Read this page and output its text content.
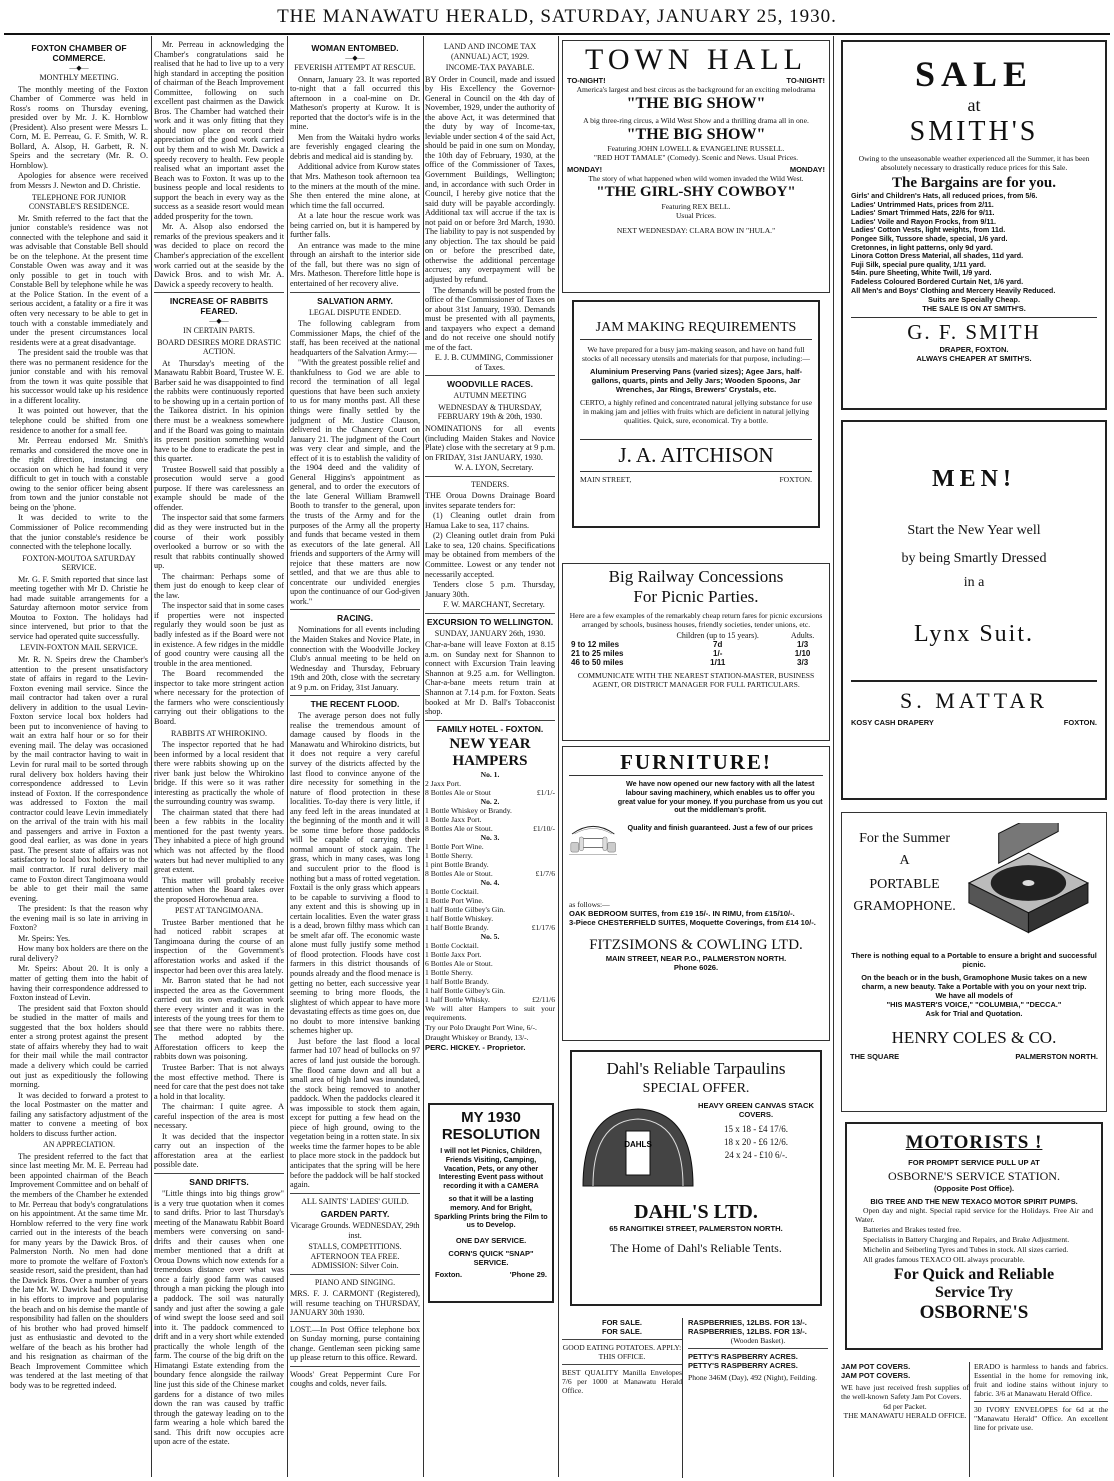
THE MANAWATU HERALD, SATURDAY, JANUARY 25, 1930.
FOXTON CHAMBER OF COMMERCE.
—◆—
MONTHLY MEETING.

The monthly meeting of the Foxton Chamber of Commerce was held in Ross's rooms on Thursday evening, presided over by Mr. J. K. Hornblow (President). Also present were Messrs L. Corn, M. E. Perreau, G. F. Smith, W. R. Bollard, A. Alsop, H. Garbett, R. N. Speirs and the secretary (Mr. R. O. Hornblow).

Apologies for absence were received from Messrs J. Newton and D. Christie.

TELEPHONE FOR JUNIOR CONSTABLE'S RESIDENCE.

Mr. Smith referred to the fact that the junior constable's residence was not connected with the telephone and said it was advisable that Constable Bell should be on the telephone. At the present time Constable Owen was away and it was only possible to get in touch with Constable Bell by telephone while he was at the Police Station. In the event of a serious accident, a fatality or a fire it was often very necessary to be able to get in touch with a constable immediately and under the present circumstances local residents were at a great disadvantage.

The president said the trouble was that there was no permanent residence for the junior constable and with his removal from the town it was quite possible that his successor would take up his residence in a different locality.

It was pointed out however, that the telephone could be shifted from one residence to another for a small fee.

Mr. Perreau endorsed Mr. Smith's remarks and considered the move one in the right direction, instancing one occasion on which he had found it very difficult to get in touch with a constable owing to the senior officer being absent from town and the junior constable not being on the 'phone.

It was decided to write to the Commissioner of Police recommending that the junior constable's residence be connected with the telephone locally.

FOXTON-MOUTOA SATURDAY SERVICE.

Mr. G. F. Smith reported that since last meeting together with Mr D. Christie he had made suitable arrangements for a Saturday afternoon motor service from Moutoa to Foxton. The holidays had since intervened, but prior to that the service had operated quite successfully.

LEVIN-FOXTON MAIL SERVICE.

Mr. R. N. Speirs drew the Chamber's attention to the present unsatisfactory state of affairs in regard to the Levin-Foxton evening mail service. Since the mail contractor had taken over a rural delivery in addition to the usual Levin-Foxton service local box holders had been put to inconvenience of having to wait an extra half hour or so for their evening mail. The delay was occasioned by the mail contractor having to wait in Levin for rural mail to be sorted through rural delivery box holders having their correspondence addressed to Levin instead of Foxton. If the correspondence was addressed to Foxton the mail contractor could leave Levin immediately on the arrival of the train with his mail and passengers and arrive in Foxton a good deal earlier, as was done in years past. The present state of affairs was not satisfactory to local box holders or to the mail contractor. If rural delivery mail came to Foxton direct Tangimoana would be able to get their mail the same evening.

The president: Is that the reason why the evening mail is so late in arriving in Foxton?

Mr. Speirs: Yes.

How many box holders are there on the rural delivery?

Mr. Speirs: About 20. It is only a matter of getting them into the habit of having their correspondence addressed to Foxton instead of Levin.

The president said that Foxton should be studied in the matter of mails and suggested that the box holders should enter a strong protest against the present state of affairs whereby they had to wait for their mail while the mail contractor made a delivery which could be carried out just as expeditiously the following morning.

It was decided to forward a protest to the local Postmaster on the matter and failing any satisfactory adjustment of the matter to convene a meeting of box holders to discuss further action.

AN APPRECIATION.

The president referred to the fact that since last meeting Mr. M. E. Perreau had been appointed chairman of the Beach Improvement Committee and on behalf of the members of the Chamber he extended to Mr. Perreau that body's congratulations on his appointment. At the same time Mr. Hornblow referred to the very fine work carried out in the interests of the beach for many years by the Dawick Bros. of Palmerston North. No men had done more to promote the welfare of Foxton's seaside resort, said the president, than had the Dawick Bros. Over a number of years the late Mr. W. Dawick had been untiring in his efforts to improve and popularise the beach and on his demise the mantle of responsibility had fallen on the shoulders of his brother who had proved himself just as enthusiastic and devoted to the welfare of the beach as his brother had and his resignation as chairman of the Beach Improvement Committee which was tendered at the last meeting of that body was to be regretted indeed.

Mr. Perreau in acknowledging the Chamber's congratulations said he realised that he had to live up to a very high standard in accepting the position of chairman of the Beach Improvement Committee, following on such excellent past chairmen as the Dawick Bros. The Chamber had watched their work and it was only fitting that they should now place on record their appreciation of the good work carried out by them and to wish Mr. Dawick a speedy recovery to health. Few people realised what an important asset the Beach was to Foxton. It was up to the business people and local residents to support the beach in every way as the success as a seaside resort would mean added prosperity for the town.

Mr. A. Alsop also endorsed the remarks of the previous speakers and it was decided to place on record the Chamber's appreciation of the excellent work carried out at the seaside by the Dawick Bros. and to wish Mr. A. Dawick a speedy recovery to health.

INCREASE OF RABBITS FEARED.
—◆—
IN CERTAIN PARTS.
BOARD DESIRES MORE DRASTIC ACTION.

At Thursday's meeting of the Manawatu Rabbit Board, Trustee W. E. Barber said he was disappointed to find the rabbits were continuously reported to be showing up in a certain portion of the Taikorea district. In his opinion there must be a weakness somewhere and if the Board was going to maintain its present position something would have to be done to eradicate the pest in this quarter.

Trustee Boswell said that possibly a prosecution would serve a good purpose. If there was carelessness an example should be made of the offender.

The inspector said that some farmers did as they were instructed but in the course of their work possibly overlooked a burrow or so with the result that rabbits continually showed up.

The chairman: Perhaps some of them just do enough to keep clear of the law.

The inspector said that in some cases if properties were not inspected regularly they would soon be just as badly infested as if the Board were not in existence. A few ridges in the middle of good country were causing all the trouble in the area mentioned.

The Board recommended the inspector to take more stringent action where necessary for the protection of the farmers who were conscientiously carrying out their obligations to the Board.

RABBITS AT WHIROKINO.

The inspector reported that he had been informed by a local resident that there were rabbits showing up on the river bank just below the Whirokino bridge. If this were so it was rather interesting as practically the whole of the surrounding country was swamp.

The chairman stated that there had been a few rabbits in the locality mentioned for the past twenty years. They inhabited a piece of high ground which was not affected by the flood waters but had never multiplied to any great extent.

This matter will probably receive attention when the Board takes over the proposed Horowhenua area.

PEST AT TANGIMOANA.

Trustee Barber mentioned that he had noticed rabbit scrapes at Tangimoana during the course of an inspection of the Government's afforestation works and asked if the inspector had been over this area lately.

Mr. Barron stated that he had not inspected the area as the Government carried out its own eradication work there every winter and it was in the interests of the young trees for them to see that there were no rabbits there. The method adopted by the Afforestation officers to keep the rabbits down was poisoning.

Trustee Barber: That is not always the most effective method. There is need for care that the pest does not take a hold in that locality.

The chairman: I quite agree. A careful inspection of the area is most necessary.

It was decided that the inspector carry out an inspection of the afforestation area at the earliest possible date.

SAND DRIFTS.

"Little things into big things grow" is a very true quotation when it comes to sand drifts. Prior to last Thursday's meeting of the Manawatu Rabbit Board members were conversing on sand-drifts and their causes when one member mentioned that a drift at Oroua Downs which now extends for a tremendous distance over what was once a fairly good farm was caused through a man picking the plough into a paddock. The soil was naturally sandy and just after the sowing a gale of wind swept the loose seed and soil into it. The paddock commenced to drift and in a very short while extended practically the whole length of the farm. The course of the big drift on the Himatangi Estate extending from the boundary fence alongside the railway line just this side of the Chinese market gardens for a distance of two miles down the ran was caused by traffic through the gateway leading on to the farm wearing a hole which bared the sand. This drift now occupies acre upon acre of the estate.

WOMAN ENTOMBED.
—◆—
FEVERISH ATTEMPT AT RESCUE.

Onnarn, January 23. It was reported to-night that a fall occurred this afternoon in a coal-mine on Dr. Matheson's property at Kurow. It is reported that the doctor's wife is in the mine.

Men from the Waitaki hydro works are feverishly engaged clearing the debris and medical aid is standing by.

Additional advice from Kurow states that Mrs. Matheson took afternoon tea to the miners at the mouth of the mine. She then entered the mine alone, at which time the fall occurred.

At a late hour the rescue work was being carried on, but it is hampered by further falls.

An entrance was made to the mine through an airshaft to the interior side of the fall, but there was no sign of Mrs. Matheson. Therefore little hope is entertained of her recovery alive.

SALVATION ARMY.
LEGAL DISPUTE ENDED.

The following cablegram from Commissioner Maps, the chief of the staff, has been received at the national headquarters of the Salvation Army:—

"With the greatest possible relief and thankfulness to God we are able to record the termination of all legal questions that have been such anxiety to us for many months past. All these things were finally settled by the judgment of Mr. Justice Clauson, delivered in the Chancery Court on January 21. The judgment of the Court was very clear and simple, and the effect of it is to establish the validity of the 1904 deed and the validity of General Higgins's appointment as general, and to order the executors of the late General William Bramwell Booth to transfer to the general, upon the trusts of the Army and for the purposes of the Army all the property and funds that became vested in them as executors of the late general. All friends and supporters of the Army will rejoice that these matters are now settled, and that we are thus able to concentrate our undivided energies upon the continuance of our God-given work."

RACING.

Nominations for all events including the Maiden Stakes and Novice Plate, in connection with the Woodville Jockey Club's annual meeting to be held on Wednesday and Thursday, February 19th and 20th, close with the secretary at 9 p.m. on Friday, 31st January.

THE RECENT FLOOD.

The average person does not fully realise the tremendous amount of damage caused by floods in the Manawatu and Whirokino districts, but it does not require a very careful survey of the districts affected by the last flood to convince anyone of the dire necessity for something in the nature of flood protection in these localities. To-day there is very little, if any feed left in the areas inundated at the beginning of the month and it will be some time before those paddocks will be capable of carrying their normal amount of stock again. The grass, which in many cases, was long and succulent prior to the flood is nothing but a mass of rotted vegetation. Foxtail is the only grass which appears to be capable to surviving a flood to any extent and this is showing up in certain localities. Even the water grass is a dead, brown filthy mass which can be smelt afar off. The economic waste alone must fully justify some method of flood protection. Floods have cost farmers in this district thousands of pounds already and the flood menace is getting no better, each successive year seeming to bring more floods, the slightest of which appear to have more devastating effects as time goes on, due no doubt to more intensive banking schemes higher up.

Just before the last flood a local farmer had 107 head of bullocks on 97 acres of land just outside the borough. The flood came down and all but a small area of high land was inundated, the stock being removed to another paddock. When the paddocks cleared it was impossible to stock them again, except for putting a few head on the piece of high ground, owing to the vegetation being in a rotten state. In six weeks time the farmer hopes to be able to place more stock in the paddock but anticipates that the spring will be here before the paddock will be half stocked again.

ALL SAINTS' LADIES' GUILD.
GARDEN PARTY.
Vicarage Grounds. WEDNESDAY, 29th inst.
STALLS, COMPETITIONS. AFTERNOON TEA FREE. ADMISSION: Silver Coin.
PIANO AND SINGING.

MRS. F. J. CARMONT (Registered), will resume teaching on THURSDAY, JANUARY 30th 1930.

LOST.—In Post Office telephone box on Sunday morning, purse containing change. Gentleman seen picking same up please return to this office. Reward.

Woods' Great Peppermint Cure For coughs and colds, never fails.

LAND AND INCOME TAX (ANNUAL) ACT, 1929.
INCOME-TAX PAYABLE.

BY Order in Council, made and issued by His Excellency the Governor-General in Council on the 4th day of November, 1929, under the authority of the above Act, it was determined that the duty by way of Income-tax, leviable under section 4 of the said Act, should be paid in one sum on Monday, the 10th day of February, 1930, at the office of the Commissioner of Taxes, Government Buildings, Wellington; and, in accordance with such Order in Council, I hereby give notice that the said duty will be payable accordingly. Additional tax will accrue if the tax is not paid on or before 3rd March, 1930. The liability to pay is not suspended by any objection. The tax should be paid on or before the prescribed date, otherwise the additional percentage accrues; any overpayment will be adjusted by refund.

The demands will be posted from the office of the Commissioner of Taxes on or about 31st January, 1930. Demands must be presented with all payments, and taxpayers who expect a demand and do not receive one should notify me of the fact.

E. J. B. CUMMING, Commissioner of Taxes.

WOODVILLE RACES.
AUTUMN MEETING
WEDNESDAY & THURSDAY, FEBRUARY 19th & 20th, 1930.

NOMINATIONS for all events (including Maiden Stakes and Novice Plate) close with the secretary at 9 p.m. on FRIDAY, 31st JANUARY, 1930.

W. A. LYON, Secretary.

TENDERS.

THE Oroua Downs Drainage Board invites separate tenders for:

(1) Cleaning outlet drain from Hamua Lake to sea, 117 chains.

(2) Cleaning outlet drain from Puki Lake to sea, 120 chains. Specifications may be obtained from members of the Committee. Lowest or any tender not necessarily accepted.

Tenders close 5 p.m. Thursday, January 30th.

F. W. MARCHANT, Secretary.

EXCURSION TO WELLINGTON.
SUNDAY, JANUARY 26th, 1930.

Char-a-bane will leave Foxton at 8.15 a.m. on Sunday next for Shannon to connect with Excursion Train leaving Shannon at 9.25 a.m. for Wellington. Char-a-bane meets return train at Shannon at 7.14 p.m. for Foxton. Seats booked at Mr D. Ball's Tobacconist shop.

FAMILY HOTEL - FOXTON.
NEW YEAR HAMPERS
No. 1.
2 Jaxx Port.
8 Bottles Ale or Stout	£1/1/-
No. 2.
1 Bottle Whiskey or Brandy.
1 Bottle Jaxx Port.
8 Bottles Ale or Stout.	£1/10/-
No. 3.
1 Bottle Port Wine.
1 Bottle Sherry.
1 pint Bottle Brandy.
8 Bottles Ale or Stout.	£1/7/6
No. 4.
1 Bottle Cocktail.
1 Bottle Port Wine.
1 half Bottle Gilbey's Gin.
1 half Bottle Whiskey.
1 half Bottle Brandy.	£1/17/6
No. 5.
1 Bottle Cocktail.
1 Bottle Jaxx Port.
6 Bottles Ale or Stout.
1 Bottle Sherry.
1 half Bottle Brandy.
1 half Bottle Gilbey's Gin.
1 half Bottle Whisky.	£2/11/6

We will alter Hampers to suit your requirements.

Try our Polo Draught Port Wine, 6/-.

Draught Whiskey or Brandy, 13/-.

PERC. HICKEY. - Proprietor.

MY 1930
RESOLUTION
I will not let Picnics, Children, Friends Visiting, Camping, Vacation, Pets, or any other Interesting Event pass without recording it with a CAMERA
so that it will be a lasting memory. And for Bright, Sparkling Prints bring the Film to us to Develop.
ONE DAY SERVICE.
CORN'S QUICK "SNAP" SERVICE.
Foxton.	'Phone 29.
TOWN HALL
TO-NIGHT!	TO-NIGHT!
America's largest and best circus as the background for an exciting melodrama
"THE BIG SHOW"
A big three-ring circus, a Wild West Show and a thrilling drama all in one.
"THE BIG SHOW"
Featuring JOHN LOWELL & EVANGELINE RUSSELL.
"RED HOT TAMALE" (Comedy). Scenic and News. Usual Prices.
MONDAY!	MONDAY!
The story of what happened when wild women invaded the Wild West.
"THE GIRL-SHY COWBOY"
Featuring REX BELL.
Usual Prices.
NEXT WEDNESDAY: CLARA BOW IN "HULA."
JAM MAKING REQUIREMENTS
We have prepared for a busy jam-making season, and have on hand full stocks of all necessary utensils and materials for that purpose, including:—
Aluminium Preserving Pans (varied sizes); Agee Jars, half-gallons, quarts, pints and Jelly Jars; Wooden Spoons, Jar Wrenches, Jar Rings, Brewers' Crystals, etc.
CERTO, a highly refined and concentrated natural jellying substance for use in making jam and jellies with fruits which are deficient in natural jellying qualities. Quick, sure, economical. Try a bottle.
J. A. AITCHISON
MAIN STREET,	FOXTON.
Big Railway Concessions
For Picnic Parties.
Here are a few examples of the remarkably cheap return fares for picnic excursions arranged by schools, business houses, friendly societies, tender unions, etc.
	Children (up to 15 years).	Adults.
9 to 12 miles	7d	1/3
21 to 25 miles	1/-	1/10
46 to 50 miles	1/11	3/3
COMMUNICATE WITH THE NEAREST STATION-MASTER, BUSINESS AGENT, OR DISTRICT MANAGER FOR FULL PARTICULARS.
FURNITURE!
We have now opened our new factory with all the latest labour saving machinery, which enables us to offer you great value for your money. If you purchase from us you cut out the middleman's profit.

Quality and finish guaranteed. Just a few of our prices
as follows:—
OAK BEDROOM SUITES, from £19 15/-. IN RIMU, from £15/10/-.
3-Piece CHESTERFIELD SUITES, Moquette Coverings, from £14 10/-.
FITZSIMONS & COWLING LTD.
MAIN STREET, NEAR P.O., PALMERSTON NORTH.
Phone 6026.
Dahl's Reliable Tarpaulins
SPECIAL OFFER.
DAHLS
HEAVY GREEN CANVAS STACK COVERS.
15 x 18 - £4 17/6.
18 x 20 - £6 12/6.
24 x 24 - £10 6/-.
DAHL'S LTD.
65 RANGITIKEI STREET, PALMERSTON NORTH.
The Home of Dahl's Reliable Tents.
FOR SALE.
FOR SALE.
GOOD EATING POTATOES. APPLY: THIS OFFICE.
BEST QUALITY Manilla Envelopes 7/6 per 1000 at Manawatu Herald Office.
RASPBERRIES, 12LBS. FOR 13/-.
RASPBERRIES, 12LBS. FOR 13/-.
(Wooden Basket).
PETTY'S RASPBERRY ACRES.
PETTY'S RASPBERRY ACRES.
Phone 346M (Day), 492 (Night), Feilding.
SALE
at
SMITH'S
Owing to the unseasonable weather experienced all the Summer, it has been absolutely necessary to drastically reduce prices for this Sale.
The Bargains are for you.
Girls' and Children's Hats, all reduced prices, from 5/6.
Ladies' Untrimmed Hats, prices from 2/11.
Ladies' Smart Trimmed Hats, 22/6 for 9/11.
Ladies' Voile and Rayon Frocks, from 9/11.
Ladies' Cotton Vests, light weights, from 11d.
Pongee Silk, Tussore shade, special, 1/6 yard.
Cretonnes, in light patterns, only 9d yard.
Linora Cotton Dress Material, all shades, 11d yard.
Fuji Silk, special pure quality, 1/11 yard.
54in. pure Sheeting, White Twill, 1/9 yard.
Fadeless Coloured Bordered Curtain Net, 1/6 yard.
All Men's and Boys' Clothing and Mercery Heavily Reduced.
Suits are Specially Cheap.
THE SALE IS ON AT SMITH'S.
G. F. SMITH
DRAPER, FOXTON.
ALWAYS CHEAPER AT SMITH'S.
MEN!
Start the New Year well
by being Smartly Dressed
in a
Lynx Suit.
S. MATTAR
KOSY CASH DRAPERY	FOXTON.
For the Summer
A
PORTABLE
GRAMOPHONE.
There is nothing equal to a Portable to ensure a bright and successful picnic.
On the beach or in the bush, Gramophone Music takes on a new charm, a new beauty. Take a Portable with you on your next trip.
We have all models of
"HIS MASTER'S VOICE," "COLUMBIA," "DECCA."
Ask for Trial and Quotation.
HENRY COLES & CO.
THE SQUARE	PALMERSTON NORTH.
MOTORISTS !
FOR PROMPT SERVICE PULL UP AT
OSBORNE'S SERVICE STATION.
(Opposite Post Office).
BIG TREE AND THE NEW TEXACO MOTOR SPIRIT PUMPS.
Open day and night. Special rapid service for the Holidays. Free Air and Water.
Batteries and Brakes tested free.
Specialists in Battery Charging and Repairs, and Brake Adjustment.
Michelin and Seiberling Tyres and Tubes in stock. All sizes carried.
All grades famous TEXACO OIL always procurable.
For Quick and Reliable
Service Try
OSBORNE'S
JAM POT COVERS.
JAM POT COVERS.
WE have just received fresh supplies of the well-known Safety Jam Pot Covers.
6d per Packet.
THE MANAWATU HERALD OFFICE.
ERADO is harmless to hands and fabrics. Essential in the home for removing ink, fruit and iodine stains without injury to fabric. 3/6 at Manawatu Herald Office.
30 IVORY ENVELOPES for 6d at the "Manawatu Herald" Office. An excellent line for private use.
